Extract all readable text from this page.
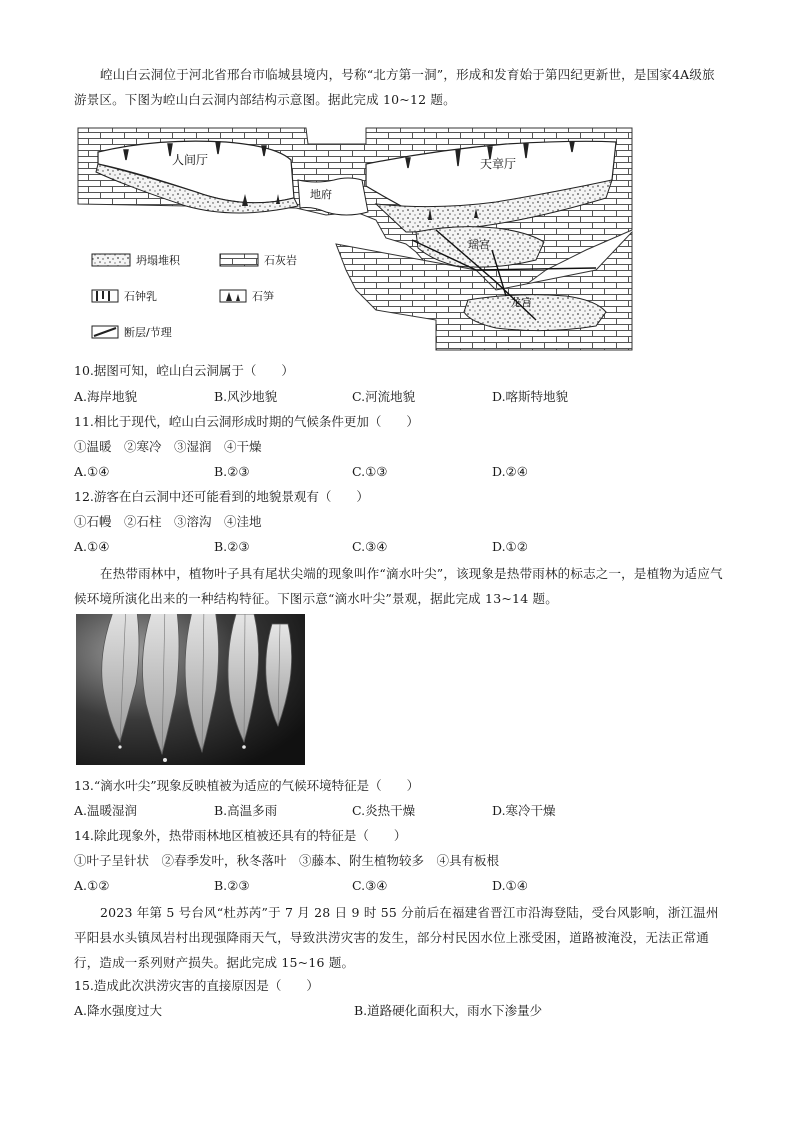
崆山白云洞位于河北省邢台市临城县境内，号称“北方第一洞”，形成和发育始于第四纪更新世，是国家4A级旅游景区。下图为崆山白云洞内部结构示意图。据此完成 10~12 题。

人间厅	天章厅
地府
瑶宫
龙宫
坍塌堆积	石灰岩
石钟乳	石笋
断层/节理
10.据图可知，崆山白云洞属于（　　）
A.海岸地貌	B.风沙地貌	C.河流地貌	D.喀斯特地貌
11.相比于现代，崆山白云洞形成时期的气候条件更加（　　）
①温暖　②寒冷　③湿润　④干燥
A.①④	B.②③	C.①③	D.②④
12.游客在白云洞中还可能看到的地貌景观有（　　）
①石幔　②石柱　③溶沟　④洼地
A.①④	B.②③	C.③④	D.①②

在热带雨林中，植物叶子具有尾状尖端的现象叫作“滴水叶尖”，该现象是热带雨林的标志之一，是植物为适应气候环境所演化出来的一种结构特征。下图示意“滴水叶尖”景观，据此完成 13~14 题。

13.“滴水叶尖”现象反映植被为适应的气候环境特征是（　　）
A.温暖湿润	B.高温多雨	C.炎热干燥	D.寒冷干燥
14.除此现象外，热带雨林地区植被还具有的特征是（　　）
①叶子呈针状　②春季发叶，秋冬落叶　③藤本、附生植物较多　④具有板根
A.①②	B.②③	C.③④	D.①④

2023 年第 5 号台风“杜苏芮”于 7 月 28 日 9 时 55 分前后在福建省晋江市沿海登陆，受台风影响，浙江温州平阳县水头镇凤岩村出现强降雨天气，导致洪涝灾害的发生，部分村民因水位上涨受困，道路被淹没，无法正常通行，造成一系列财产损失。据此完成 15~16 题。

15.造成此次洪涝灾害的直接原因是（　　）
A.降水强度过大	B.道路硬化面积大，雨水下渗量少
